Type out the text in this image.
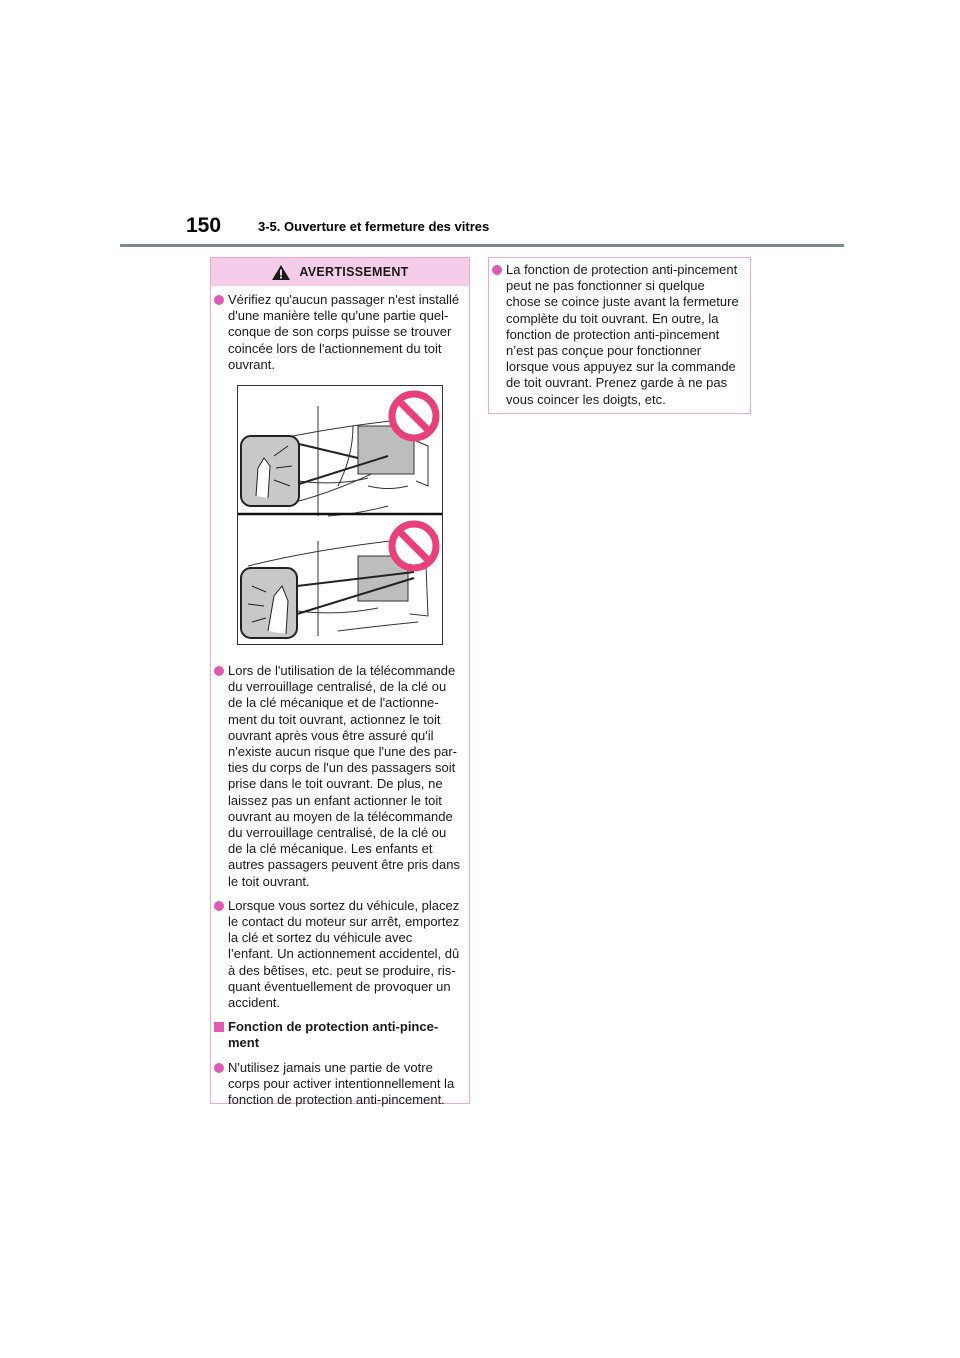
150	3-5. Ouverture et fermeture des vitres
AVERTISSEMENT
Vérifiez qu'aucun passager n'est installé
d'une manière telle qu'une partie quel-
conque de son corps puisse se trouver
coincée lors de l'actionnement du toit
ouvrant.
Lors de l'utilisation de la télécommande
du verrouillage centralisé, de la clé ou
de la clé mécanique et de l'actionne-
ment du toit ouvrant, actionnez le toit
ouvrant après vous être assuré qu'il
n'existe aucun risque que l'une des par-
ties du corps de l'un des passagers soit
prise dans le toit ouvrant. De plus, ne
laissez pas un enfant actionner le toit
ouvrant au moyen de la télécommande
du verrouillage centralisé, de la clé ou
de la clé mécanique. Les enfants et
autres passagers peuvent être pris dans
le toit ouvrant.
Lorsque vous sortez du véhicule, placez
le contact du moteur sur arrêt, emportez
la clé et sortez du véhicule avec
l’enfant. Un actionnement accidentel, dû
à des bêtises, etc. peut se produire, ris-
quant éventuellement de provoquer un
accident.
Fonction de protection anti-pince-
ment
N'utilisez jamais une partie de votre
corps pour activer intentionnellement la
fonction de protection anti-pincement.
La fonction de protection anti-pincement
peut ne pas fonctionner si quelque
chose se coince juste avant la fermeture
complète du toit ouvrant. En outre, la
fonction de protection anti-pincement
n’est pas conçue pour fonctionner
lorsque vous appuyez sur la commande
de toit ouvrant. Prenez garde à ne pas
vous coincer les doigts, etc.
